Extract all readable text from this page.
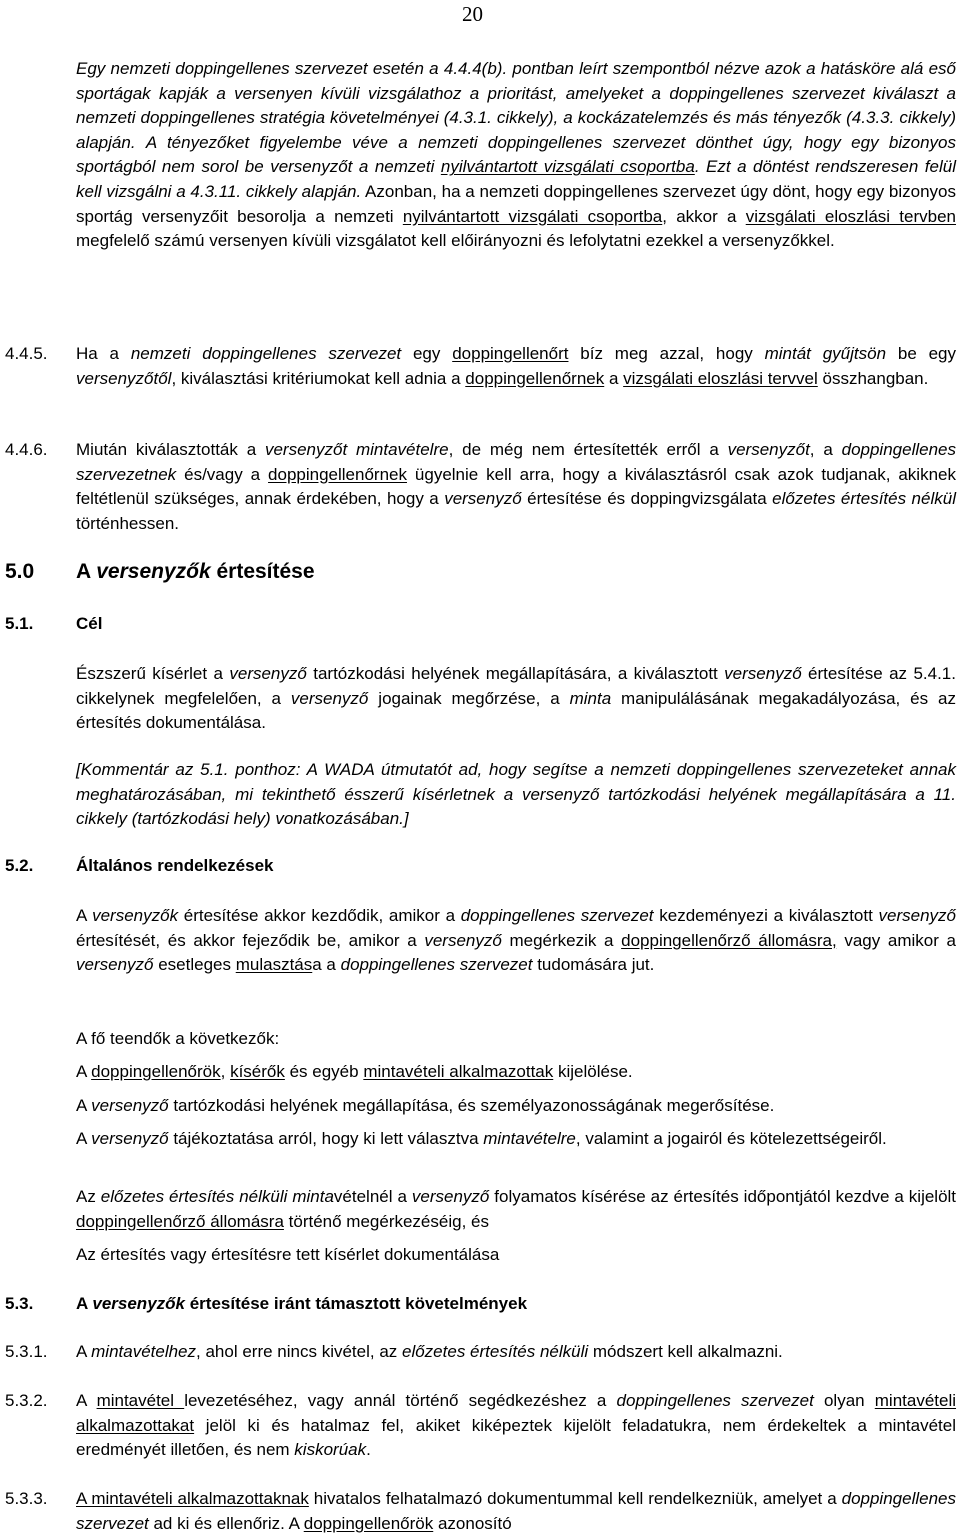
20
Egy nemzeti doppingellenes szervezet esetén a 4.4.4(b). pontban leírt szempontból nézve azok a hatásköre alá eső sportágak kapják a versenyen kívüli vizsgálathoz a prioritást, amelyeket a doppingellenes szervezet kiválaszt a nemzeti doppingellenes stratégia követelményei (4.3.1. cikkely), a kockázatelemzés és más tényezők (4.3.3. cikkely) alapján. A tényezőket figyelembe véve a nemzeti doppingellenes szervezet dönthet úgy, hogy egy bizonyos sportágból nem sorol be versenyzőt a nemzeti nyilvántartott vizsgálati csoportba. Ezt a döntést rendszeresen felül kell vizsgálni a 4.3.11. cikkely alapján. Azonban, ha a nemzeti doppingellenes szervezet úgy dönt, hogy egy bizonyos sportág versenyzőit besorolja a nemzeti nyilvántartott vizsgálati csoportba, akkor a vizsgálati eloszlási tervben megfelelő számú versenyen kívüli vizsgálatot kell előirányozni és lefolytatni ezekkel a versenyzőkkel.
4.4.5. Ha a nemzeti doppingellenes szervezet egy doppingellenőrt bíz meg azzal, hogy mintát gyűjtsön be egy versenyzőtől, kiválasztási kritériumokat kell adnia a doppingellenőrnek a vizsgálati eloszlási tervvel összhangban.
4.4.6. Miután kiválasztották a versenyzőt mintavételre, de még nem értesítették erről a versenyzőt, a doppingellenes szervezetnek és/vagy a doppingellenőrnek ügyelnie kell arra, hogy a kiválasztásról csak azok tudjanak, akiknek feltétlenül szükséges, annak érdekében, hogy a versenyző értesítése és doppingvizsgálata előzetes értesítés nélkül történhessen.
5.0 A versenyzők értesítése
5.1.	Cél
Észszerű kísérlet a versenyző tartózkodási helyének megállapítására, a kiválasztott versenyző értesítése az 5.4.1. cikkelynek megfelelően, a versenyző jogainak megőrzése, a minta manipulálásának megakadályozása, és az értesítés dokumentálása.
[Kommentár az 5.1. ponthoz: A WADA útmutatót ad, hogy segítse a nemzeti doppingellenes szervezeteket annak meghatározásában, mi tekinthető ésszerű kísérletnek a versenyző tartózkodási helyének megállapítására a 11. cikkely (tartózkodási hely) vonatkozásában.]
5.2.	Általános rendelkezések
A versenyzők értesítése akkor kezdődik, amikor a doppingellenes szervezet kezdeményezi a kiválasztott versenyző értesítését, és akkor fejeződik be, amikor a versenyző megérkezik a doppingellenőrző állomásra, vagy amikor a versenyző esetleges mulasztása a doppingellenes szervezet tudomására jut.
A fő teendők a következők:
A doppingellenőrök, kísérők és egyéb mintavételi alkalmazottak kijelölése.
A versenyző tartózkodási helyének megállapítása, és személyazonosságának megerősítése.
A versenyző tájékoztatása arról, hogy ki lett választva mintavételre, valamint a jogairól és kötelezettségeiről.
Az előzetes értesítés nélküli mintavételnél a versenyző folyamatos kísérése az értesítés időpontjától kezdve a kijelölt doppingellenőrző állomásra történő megérkezéséig, és
Az értesítés vagy értesítésre tett kísérlet dokumentálása
5.3.	A versenyzők értesítése iránt támasztott követelmények
5.3.1. A mintavételhez, ahol erre nincs kivétel, az előzetes értesítés nélküli módszert kell alkalmazni.
5.3.2. A mintavétel levezetéséhez, vagy annál történő segédkezéshez a doppingellenes szervezet olyan mintavételi alkalmazottakat jelöl ki és hatalmaz fel, akiket kiképeztek kijelölt feladatukra, nem érdekeltek a mintavétel eredményét illetően, és nem kiskorúak.
5.3.3. A mintavételi alkalmazottaknak hivatalos felhatalmazó dokumentummal kell rendelkezniük, amelyet a doppingellenes szervezet ad ki és ellenőriz. A doppingellenőrök azonosító
